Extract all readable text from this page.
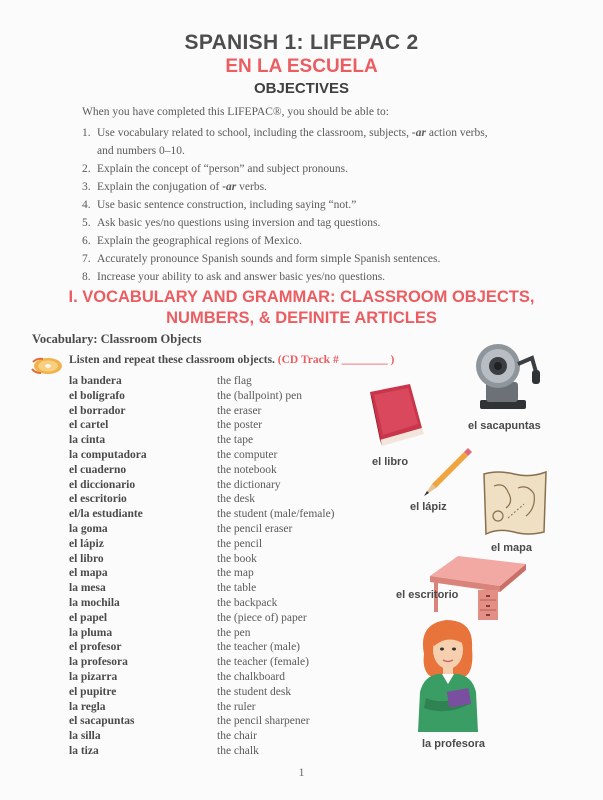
SPANISH 1: LIFEPAC 2
EN LA ESCUELA
OBJECTIVES
When you have completed this LIFEPAC®, you should be able to:
1. Use vocabulary related to school, including the classroom, subjects, -ar action verbs,
and numbers 0–10.
2. Explain the concept of “person” and subject pronouns.
3. Explain the conjugation of -ar verbs.
4. Use basic sentence construction, including saying “not.”
5. Ask basic yes/no questions using inversion and tag questions.
6. Explain the geographical regions of Mexico.
7. Accurately pronounce Spanish sounds and form simple Spanish sentences.
8. Increase your ability to ask and answer basic yes/no questions.
I. VOCABULARY AND GRAMMAR: CLASSROOM OBJECTS,
NUMBERS, & DEFINITE ARTICLES
Vocabulary: Classroom Objects
Listen and repeat these classroom objects. (CD Track # ________ )
la bandera	the flag
el bolígrafo	the (ballpoint) pen
el borrador	the eraser
el cartel	the poster
la cinta	the tape
la computadora	the computer
el cuaderno	the notebook
el diccionario	the dictionary
el escritorio	the desk
el/la estudiante	the student (male/female)
la goma	the pencil eraser
el lápiz	the pencil
el libro	the book
el mapa	the map
la mesa	the table
la mochila	the backpack
el papel	the (piece of) paper
la pluma	the pen
el profesor	the teacher (male)
la profesora	the teacher (female)
la pizarra	the chalkboard
el pupitre	the student desk
la regla	the ruler
el sacapuntas	the pencil sharpener
la silla	the chair
la tiza	the chalk
el sacapuntas
el libro
el lápiz
el mapa
el escritorio
la profesora
1
